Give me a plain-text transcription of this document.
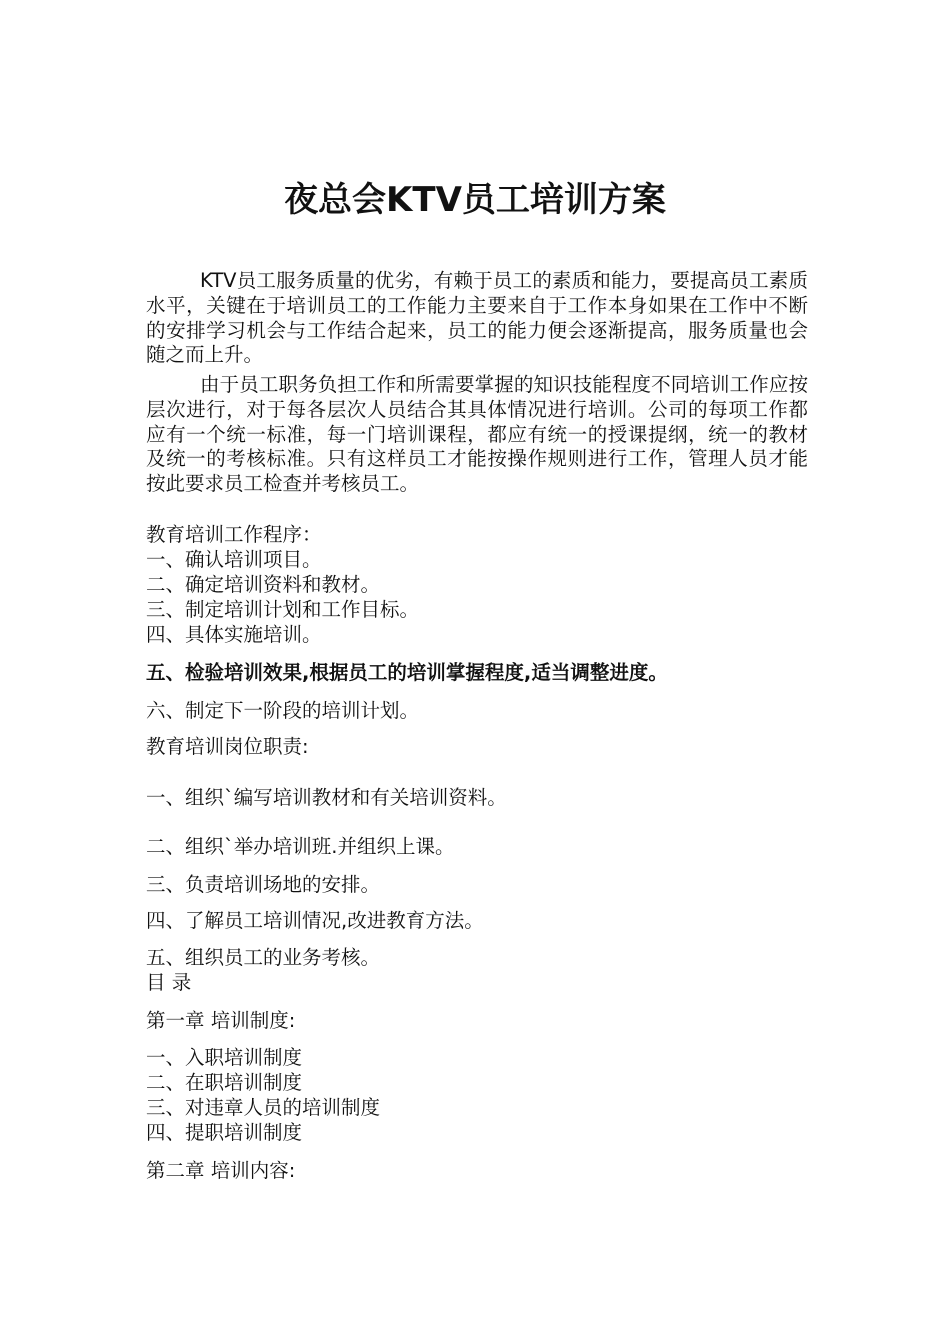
夜总会KTV员工培训方案
KTV员工服务质量的优劣，有赖于员工的素质和能力，要提高员工素质水平，关键在于培训员工的工作能力主要来自于工作本身如果在工作中不断的安排学习机会与工作结合起来，员工的能力便会逐渐提高，服务质量也会随之而上升。
由于员工职务负担工作和所需要掌握的知识技能程度不同培训工作应按层次进行，对于每各层次人员结合其具体情况进行培训。公司的每项工作都应有一个统一标准，每一门培训课程，都应有统一的授课提纲，统一的教材及统一的考核标准。只有这样员工才能按操作规则进行工作，管理人员才能按此要求员工检查并考核员工。
教育培训工作程序：
一、确认培训项目。
二、确定培训资料和教材。
三、制定培训计划和工作目标。
四、具体实施培训。
五、检验培训效果,根据员工的培训掌握程度,适当调整进度。
六、制定下一阶段的培训计划。
教育培训岗位职责:
一、组织`编写培训教材和有关培训资料。
二、组织`举办培训班.并组织上课。
三、负责培训场地的安排。
四、了解员工培训情况,改进教育方法。
五、组织员工的业务考核。
目 录
第一章 培训制度:
一、入职培训制度
二、在职培训制度
三、对违章人员的培训制度
四、提职培训制度
第二章 培训内容:
